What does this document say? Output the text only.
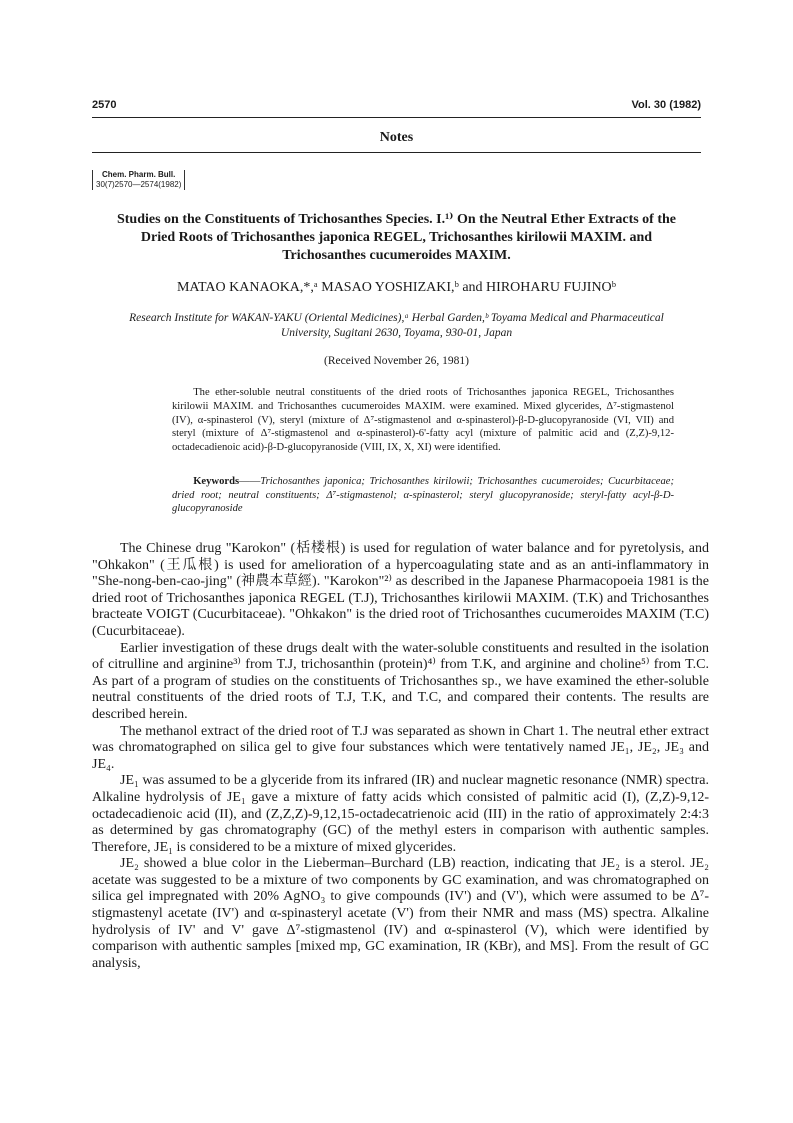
2570	Vol. 30 (1982)
Notes
Chem. Pharm. Bull.
30(7)2570—2574(1982)
Studies on the Constituents of Trichosanthes Species. I.¹⁾ On the Neutral Ether Extracts of the Dried Roots of Trichosanthes japonica REGEL, Trichosanthes kirilowii MAXIM. and Trichosanthes cucumeroides MAXIM.
MATAO KANAOKA,*,ᵃ MASAO YOSHIZAKI,ᵇ and HIROHARU FUJINOᵇ
Research Institute for WAKAN-YAKU (Oriental Medicines),ᵃ Herbal Garden,ᵇ Toyama Medical and Pharmaceutical University, Sugitani 2630, Toyama, 930-01, Japan
(Received November 26, 1981)

The ether-soluble neutral constituents of the dried roots of Trichosanthes japonica REGEL, Trichosanthes kirilowii MAXIM. and Trichosanthes cucumeroides MAXIM. were examined. Mixed glycerides, Δ⁷-stigmastenol (IV), α-spinasterol (V), steryl (mixture of Δ⁷-stigmastenol and α-spinasterol)-β-D-glucopyranoside (VI, VII) and steryl (mixture of Δ⁷-stigmastenol and α-spinasterol)-6'-fatty acyl (mixture of palmitic acid and (Z,Z)-9,12-octadecadienoic acid)-β-D-glucopyranoside (VIII, IX, X, XI) were identified.

Keywords——Trichosanthes japonica; Trichosanthes kirilowii; Trichosanthes cucumeroides; Cucurbitaceae; dried root; neutral constituents; Δ⁷-stigmastenol; α-spinasterol; steryl glucopyranoside; steryl-fatty acyl-β-D-glucopyranoside

The Chinese drug "Karokon" (栝楼根) is used for regulation of water balance and for pyretolysis, and "Ohkakon" (王瓜根) is used for amelioration of a hypercoagulating state and as an anti-inflammatory in "She-nong-ben-cao-jing" (神農本草經). "Karokon"²⁾ as described in the Japanese Pharmacopoeia 1981 is the dried root of Trichosanthes japonica REGEL (T.J), Trichosanthes kirilowii MAXIM. (T.K) and Trichosanthes bracteate VOIGT (Cucurbitaceae). "Ohkakon" is the dried root of Trichosanthes cucumeroides MAXIM (T.C) (Cucurbitaceae).

Earlier investigation of these drugs dealt with the water-soluble constituents and resulted in the isolation of citrulline and arginine³⁾ from T.J, trichosanthin (protein)⁴⁾ from T.K, and arginine and choline⁵⁾ from T.C. As part of a program of studies on the constituents of Trichosanthes sp., we have examined the ether-soluble neutral constituents of the dried roots of T.J, T.K, and T.C, and compared their contents. The results are described herein.

The methanol extract of the dried root of T.J was separated as shown in Chart 1. The neutral ether extract was chromatographed on silica gel to give four substances which were tentatively named JE₁, JE₂, JE₃ and JE₄.

JE₁ was assumed to be a glyceride from its infrared (IR) and nuclear magnetic resonance (NMR) spectra. Alkaline hydrolysis of JE₁ gave a mixture of fatty acids which consisted of palmitic acid (I), (Z,Z)-9,12-octadecadienoic acid (II), and (Z,Z,Z)-9,12,15-octadecatrienoic acid (III) in the ratio of approximately 2:4:3 as determined by gas chromatography (GC) of the methyl esters in comparison with authentic samples. Therefore, JE₁ is considered to be a mixture of mixed glycerides.

JE₂ showed a blue color in the Lieberman–Burchard (LB) reaction, indicating that JE₂ is a sterol. JE₂ acetate was suggested to be a mixture of two components by GC examination, and was chromatographed on silica gel impregnated with 20% AgNO₃ to give compounds (IV') and (V'), which were assumed to be Δ⁷-stigmastenyl acetate (IV') and α-spinasteryl acetate (V') from their NMR and mass (MS) spectra. Alkaline hydrolysis of IV' and V' gave Δ⁷-stigmastenol (IV) and α-spinasterol (V), which were identified by comparison with authentic samples [mixed mp, GC examination, IR (KBr), and MS]. From the result of GC analysis,
